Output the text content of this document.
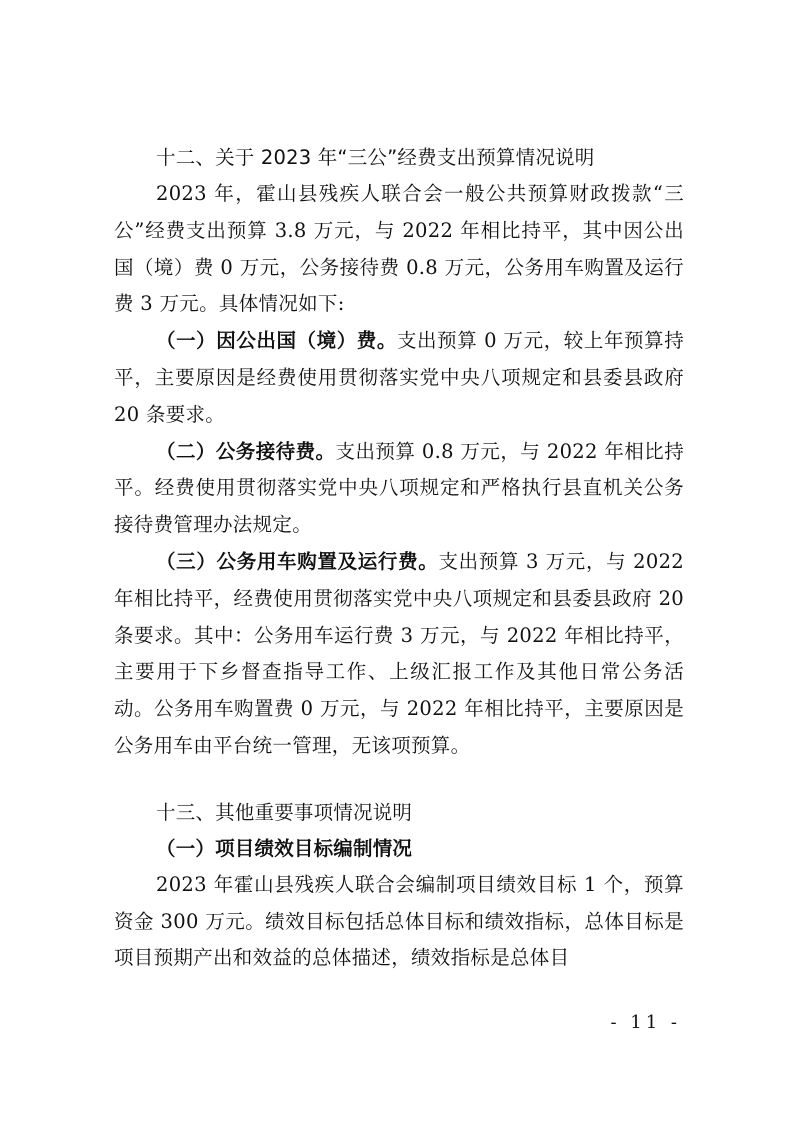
十二、关于 2023 年“三公”经费支出预算情况说明

2023 年，霍山县残疾人联合会一般公共预算财政拨款“三公”经费支出预算 3.8 万元，与 2022 年相比持平，其中因公出国（境）费 0 万元，公务接待费 0.8 万元，公务用车购置及运行费 3 万元。具体情况如下:

（一）因公出国（境）费。支出预算 0 万元，较上年预算持平，主要原因是经费使用贯彻落实党中央八项规定和县委县政府 20 条要求。

（二）公务接待费。支出预算 0.8 万元，与 2022 年相比持平。经费使用贯彻落实党中央八项规定和严格执行县直机关公务接待费管理办法规定。

（三）公务用车购置及运行费。支出预算 3 万元，与 2022 年相比持平，经费使用贯彻落实党中央八项规定和县委县政府 20 条要求。其中：公务用车运行费 3 万元，与 2022 年相比持平，主要用于下乡督查指导工作、上级汇报工作及其他日常公务活动。公务用车购置费 0 万元，与 2022 年相比持平，主要原因是公务用车由平台统一管理，无该项预算。

十三、其他重要事项情况说明

（一）项目绩效目标编制情况

2023 年霍山县残疾人联合会编制项目绩效目标 1 个，预算资金 300 万元。绩效目标包括总体目标和绩效指标，总体目标是项目预期产出和效益的总体描述，绩效指标是总体目

- 11 -
